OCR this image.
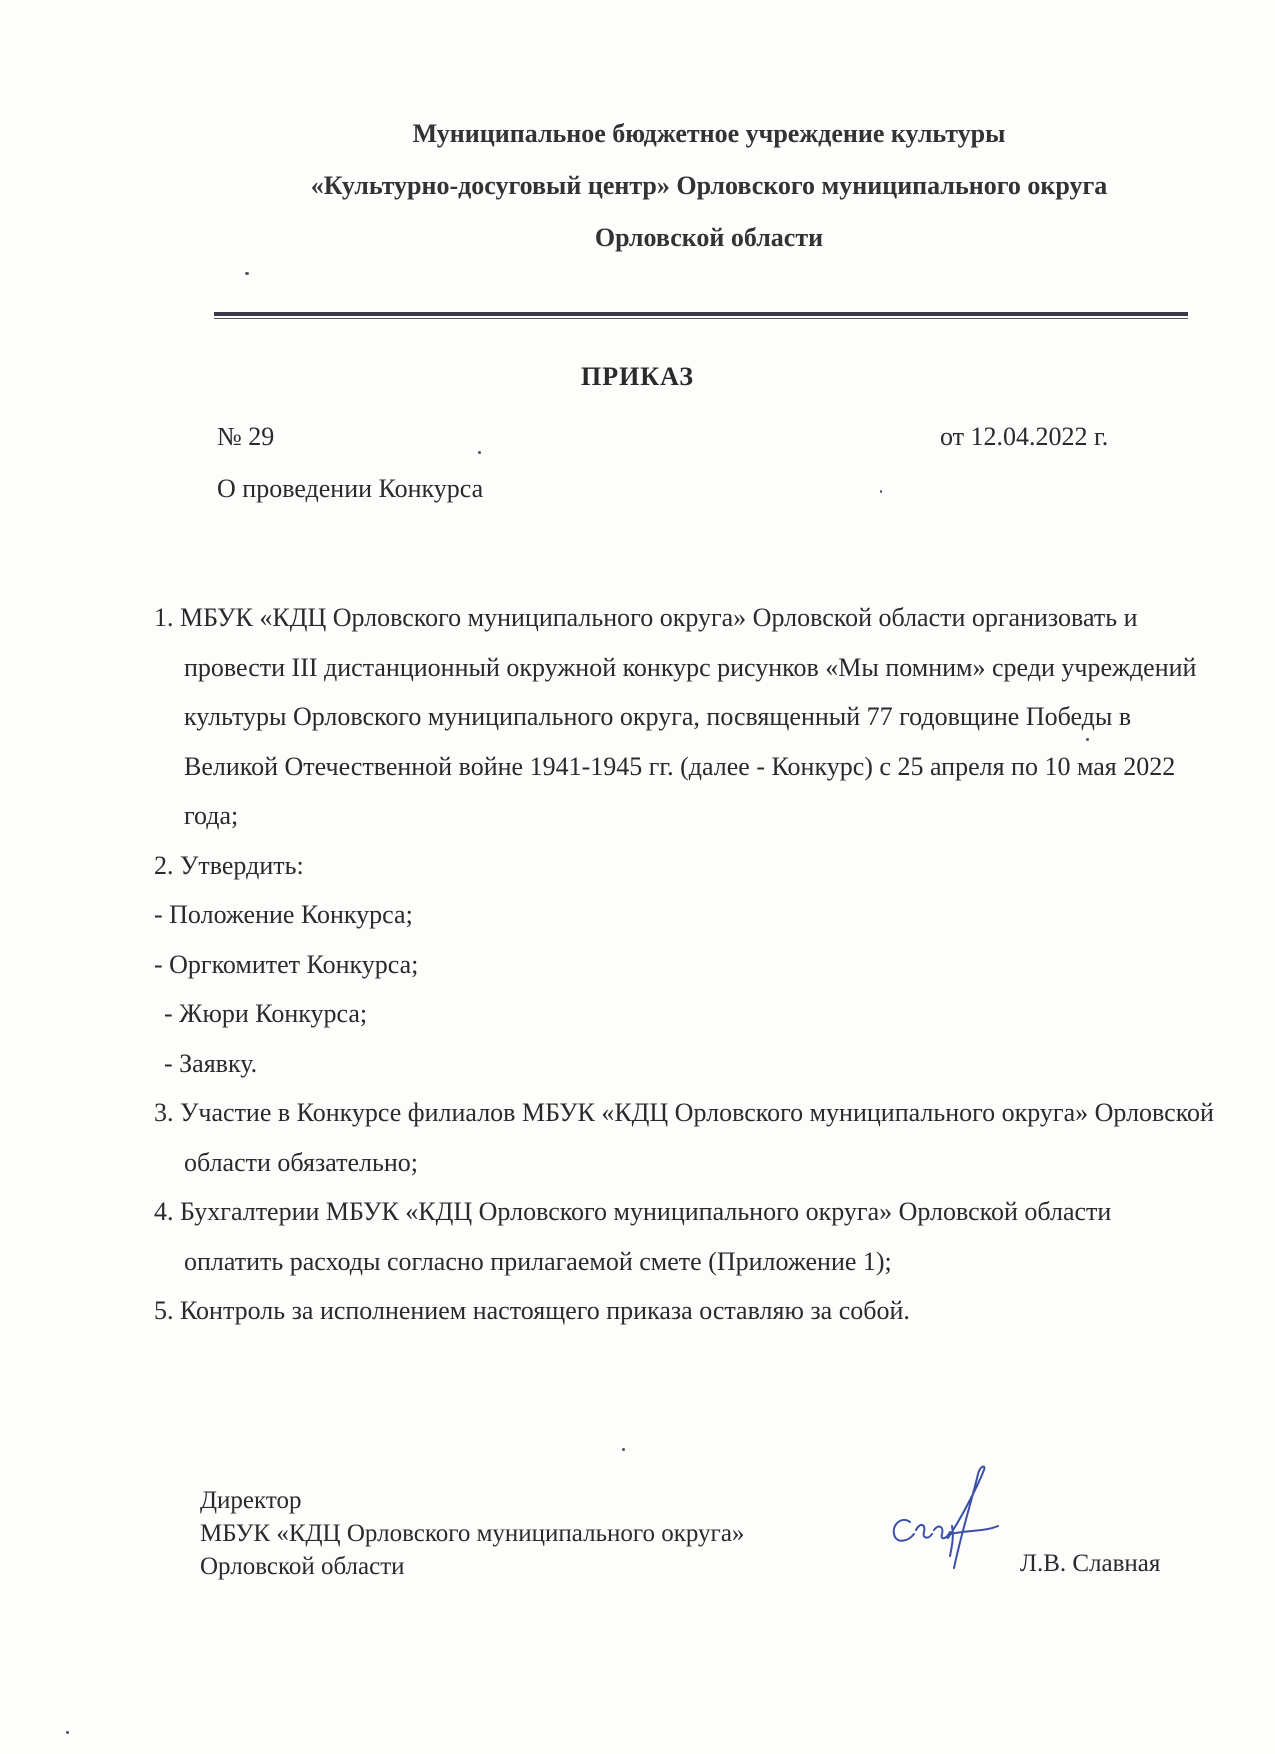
Муниципальное бюджетное учреждение культуры
«Культурно-досуговый центр» Орловского муниципального округа
Орловской области
ПРИКАЗ
№ 29	от 12.04.2022 г.
О проведении Конкурса

1. МБУК «КДЦ Орловского муниципального округа» Орловской области организовать и провести III дистанционный окружной конкурс рисунков «Мы помним» среди учреждений культуры Орловского муниципального округа, посвященный 77 годовщине Победы в Великой Отечественной войне 1941-1945 гг. (далее - Конкурс) с 25 апреля по 10 мая 2022 года;

2. Утвердить:

- Положение Конкурса;

- Оргкомитет Конкурса;

- Жюри Конкурса;

- Заявку.

3. Участие в Конкурсе филиалов МБУК «КДЦ Орловского муниципального округа» Орловской области обязательно;

4. Бухгалтерии МБУК «КДЦ Орловского муниципального округа» Орловской области оплатить расходы согласно прилагаемой смете (Приложение 1);

5. Контроль за исполнением настоящего приказа оставляю за собой.

Директор
МБУК «КДЦ Орловского муниципального округа»
Орловской области	Л.В. Славная
